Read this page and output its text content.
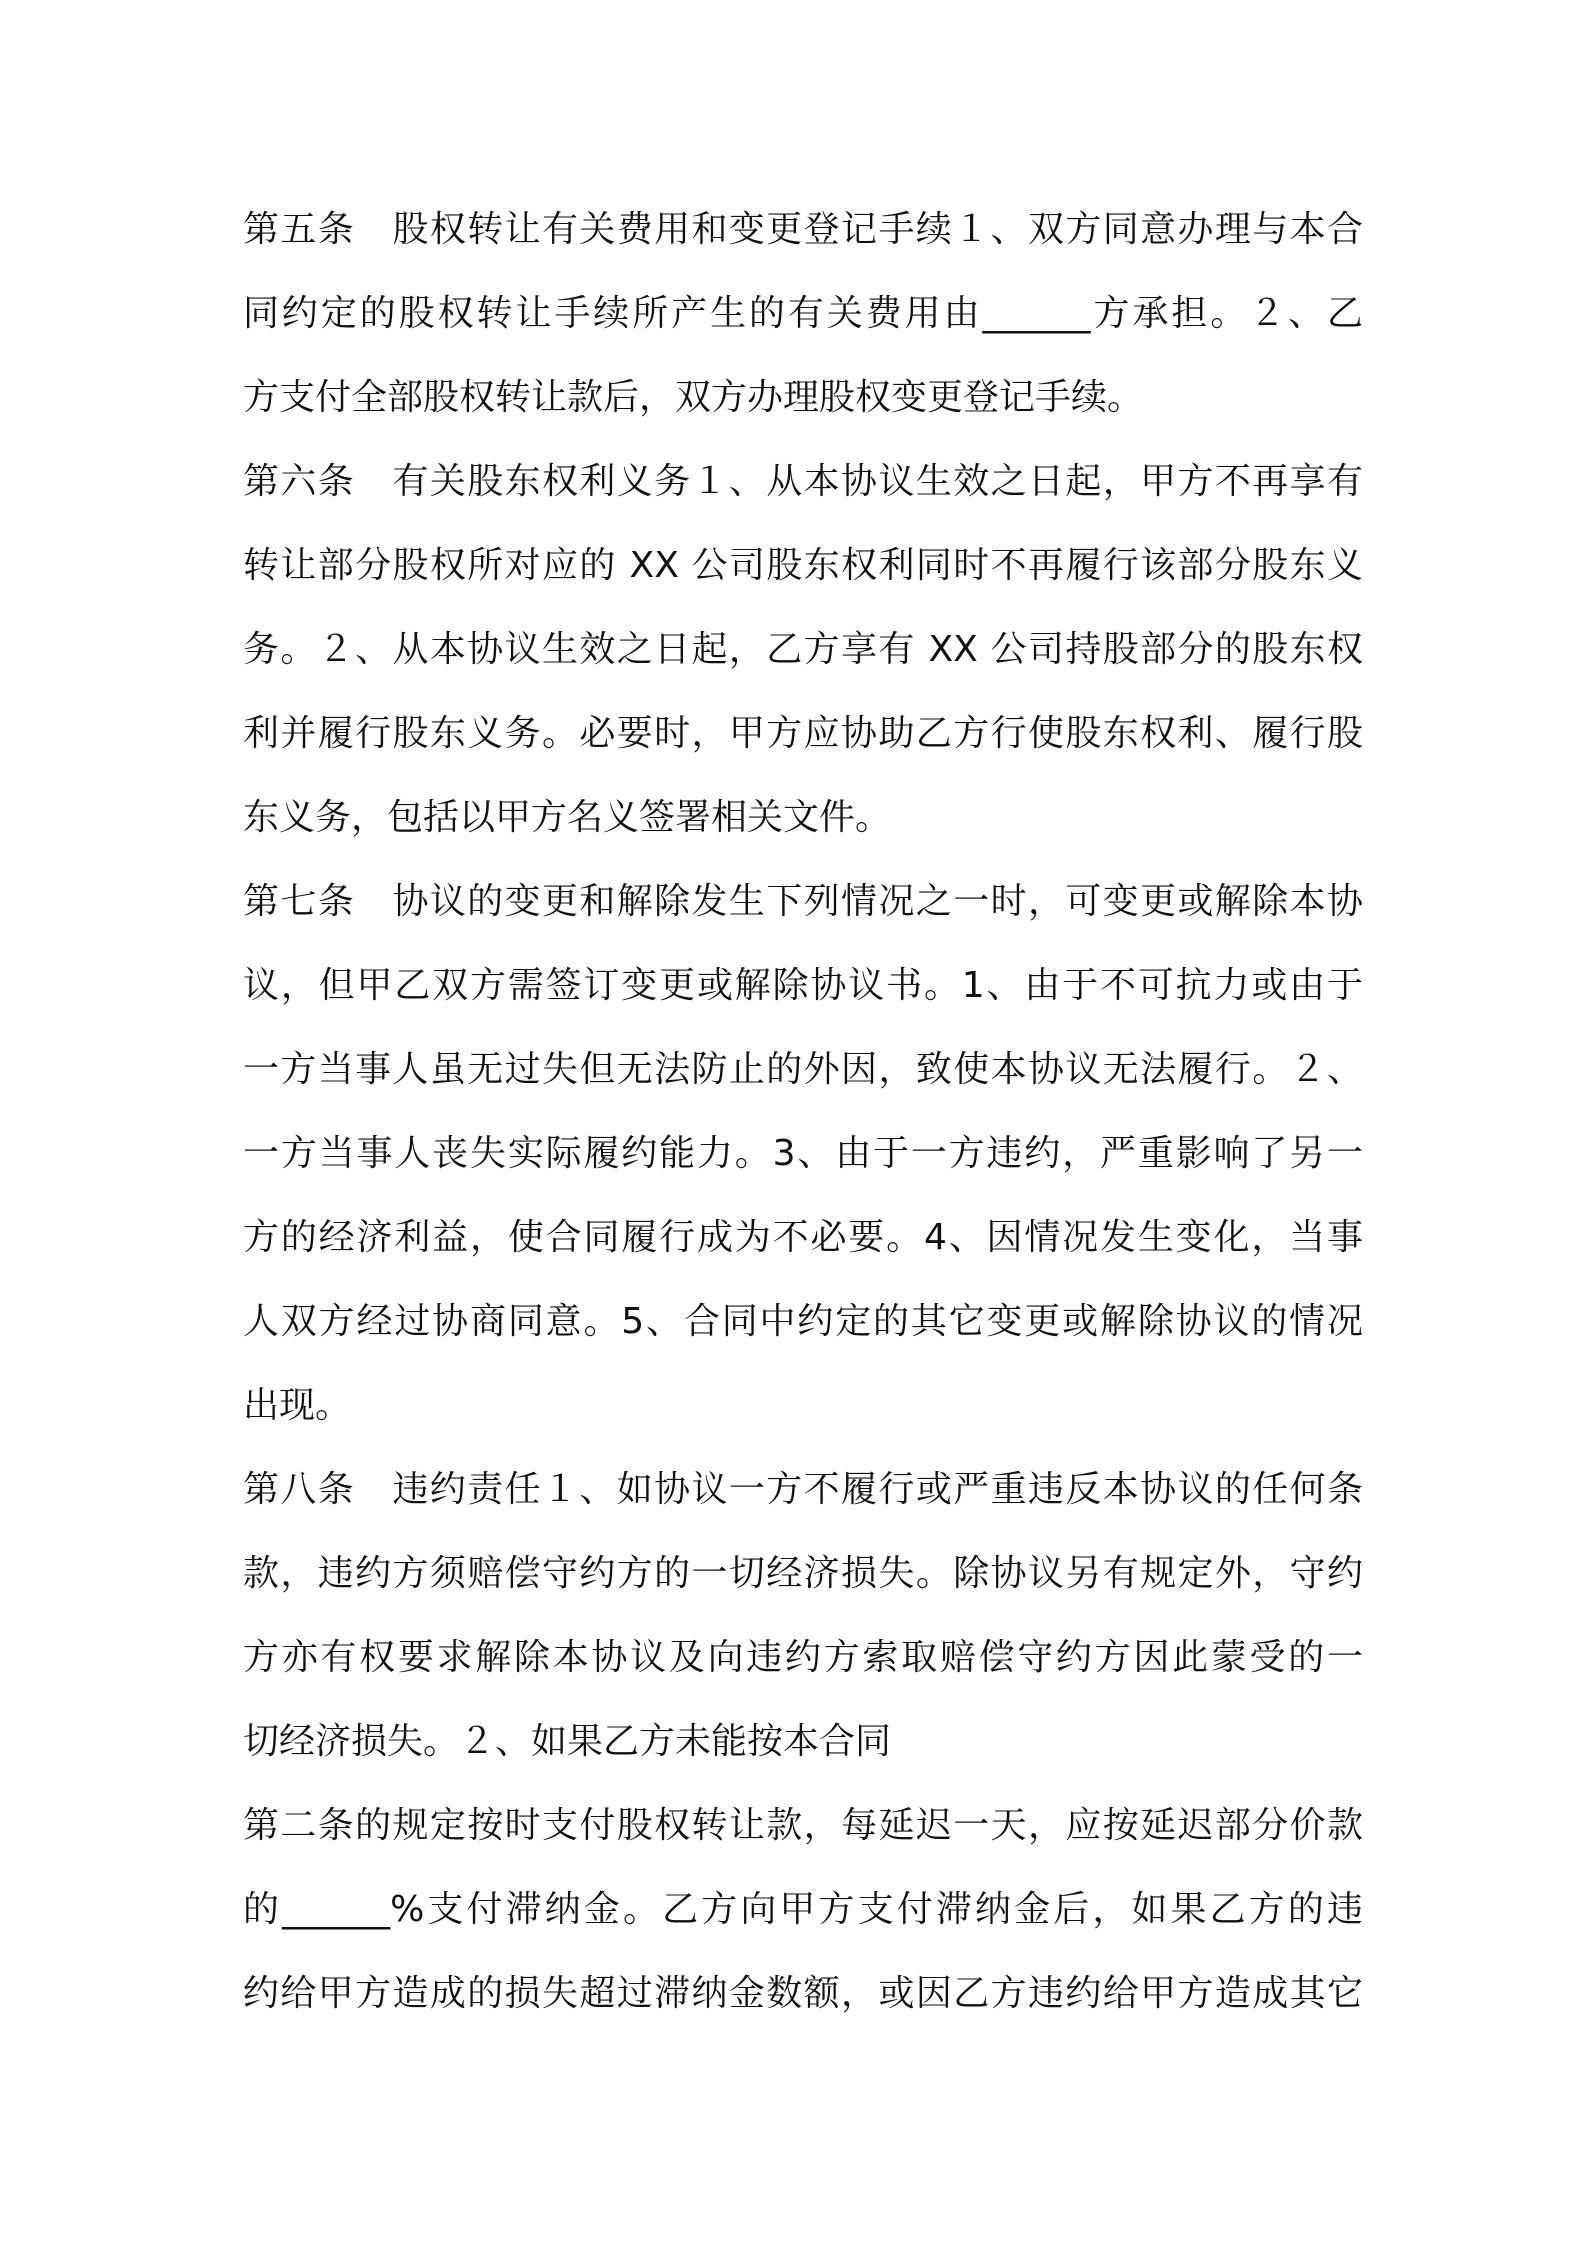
第五条　股权转让有关费用和变更登记手续１、双方同意办理与本合
同约定的股权转让手续所产生的有关费用由______方承担。２、乙
方支付全部股权转让款后，双方办理股权变更登记手续。
第六条　有关股东权利义务１、从本协议生效之日起，甲方不再享有
转让部分股权所对应的 XX 公司股东权利同时不再履行该部分股东义
务。２、从本协议生效之日起，乙方享有 XX 公司持股部分的股东权
利并履行股东义务。必要时，甲方应协助乙方行使股东权利、履行股
东义务，包括以甲方名义签署相关文件。
第七条　协议的变更和解除发生下列情况之一时，可变更或解除本协
议，但甲乙双方需签订变更或解除协议书。1、由于不可抗力或由于
一方当事人虽无过失但无法防止的外因，致使本协议无法履行。２、
一方当事人丧失实际履约能力。3、由于一方违约，严重影响了另一
方的经济利益，使合同履行成为不必要。4、因情况发生变化，当事
人双方经过协商同意。5、合同中约定的其它变更或解除协议的情况
出现。
第八条　违约责任１、如协议一方不履行或严重违反本协议的任何条
款，违约方须赔偿守约方的一切经济损失。除协议另有规定外，守约
方亦有权要求解除本协议及向违约方索取赔偿守约方因此蒙受的一
切经济损失。２、如果乙方未能按本合同
第二条的规定按时支付股权转让款，每延迟一天，应按延迟部分价款
的______%支付滞纳金。乙方向甲方支付滞纳金后，如果乙方的违
约给甲方造成的损失超过滞纳金数额，或因乙方违约给甲方造成其它
